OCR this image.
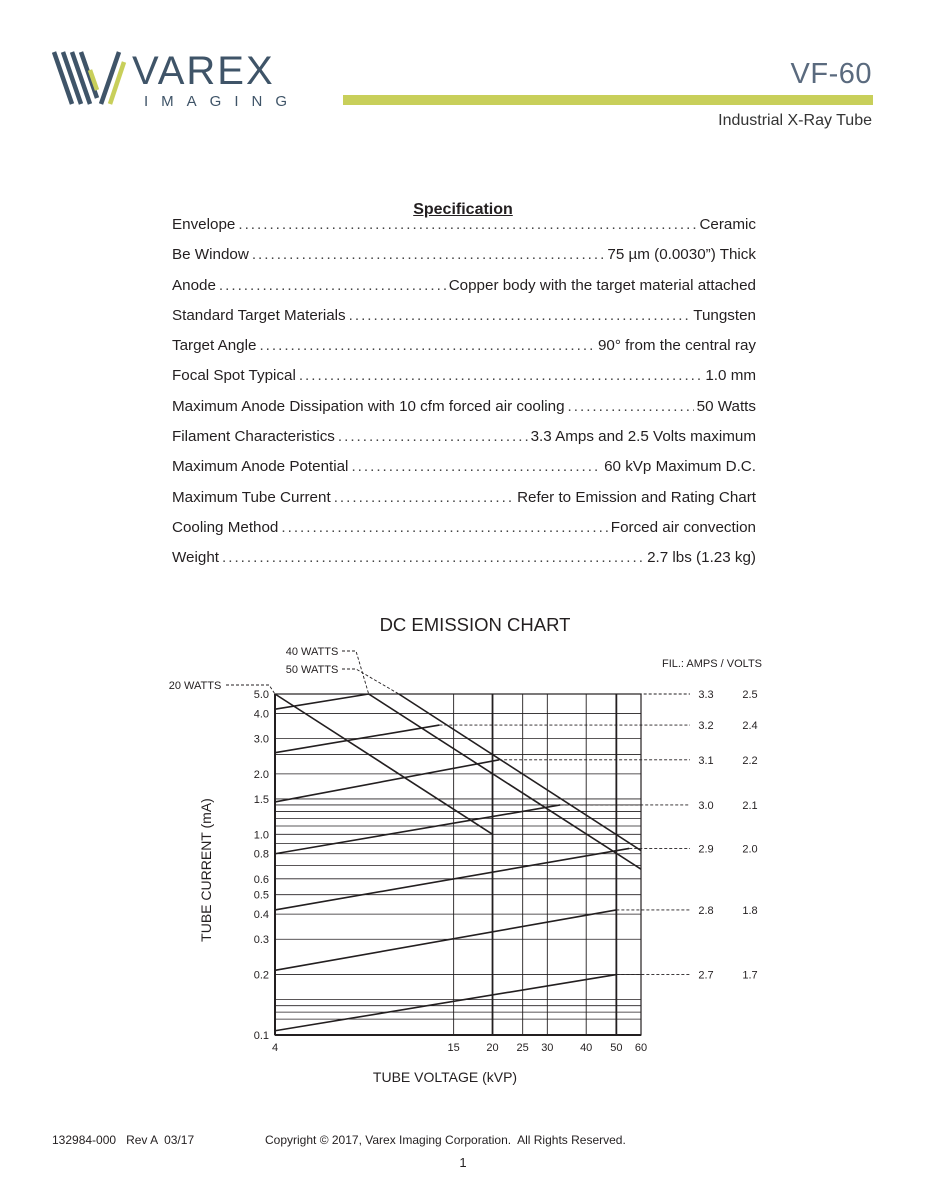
VAREX
IMAGING
VF-60
Industrial X-Ray Tube
Specification
Envelope .....	Ceramic
Be Window .....	75 µm (0.0030”) Thick
Anode .....	Copper body with the target material attached
Standard Target Materials .....	Tungsten
Target Angle .....	90° from the central ray
Focal Spot Typical .....	1.0 mm
Maximum Anode Dissipation with 10 cfm forced air cooling .....	50 Watts
Filament Characteristics .....	3.3 Amps and 2.5 Volts maximum
Maximum Anode Potential .....	60 kVp Maximum D.C.
Maximum Tube Current .....	Refer to Emission and Rating Chart
Cooling Method .....	Forced air convection
Weight .....	2.7 lbs (1.23 kg)
DC EMISSION CHART
0.1
0.2
0.3
0.4
0.5
0.6
0.8
1.0
1.5
2.0
3.0
4.0
5.0
4	15 20 25 30 40 50 60
20 WATTS
40 WATTS
50 WATTS
3.3	2.5
3.2	2.4
3.1	2.2
3.0	2.1
2.9	2.0
2.8	1.8
2.7	1.7
FIL.: AMPS / VOLTS
TUBE VOLTAGE (kVP)
TUBE CURRENT (mA)
132984-000   Rev A  03/17	Copyright © 2017, Varex Imaging Corporation.  All Rights Reserved.
1
